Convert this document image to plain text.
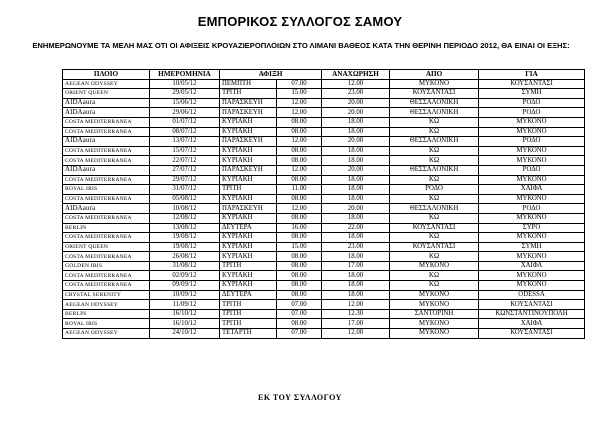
ΕΜΠΟΡΙΚΟΣ ΣΥΛΛΟΓΟΣ ΣΑΜΟΥ
ΕΝΗΜΕΡΩΝΟΥΜΕ ΤΑ ΜΕΛΗ ΜΑΣ ΟΤΙ ΟΙ ΑΦΙΞΕΙΣ ΚΡΟΥΑΖΙΕΡΟΠΛΟΙΩΝ ΣΤΟ ΛΙΜΑΝΙ ΒΑΘΕΟΣ ΚΑΤΑ ΤΗΝ ΘΕΡΙΝΗ ΠΕΡΙΟΔΟ 2012, ΘΑ ΕΙΝΑΙ ΟΙ ΕΞΗΣ:
ΠΛΟΙΟ	ΗΜΕΡΟΜΗΝΙΑ	ΑΦΙΞΗ		ΑΝΑΧΩΡΗΣΗ	ΑΠΟ	ΓΙΑ
AEGEAN ODYSSEY	10/05/12	ΠΕΜΠΤΗ	07.00	12.00	ΜΥΚΟΝΟ	ΚΟΥΣΑΝΤΑΣΙ
ORIENT QUEEN	29/05/12	ΤΡΙΤΗ	15.00	23.00	ΚΟΥΣΑΝΤΑΣΙ	ΣΥΜΗ
AIDAaura	15/06/12	ΠΑΡΑΣΚΕΥΗ	12.00	20.00	ΘΕΣΣΑΛΟΝΙΚΗ	ΡΟΔΟ
AIDAaura	29/06/12	ΠΑΡΑΣΚΕΥΗ	12.00	20.00	ΘΕΣΣΑΛΟΝΙΚΗ	ΡΟΔΟ
COSTA MEDITERRANEA	01/07/12	ΚΥΡΙΑΚΗ	08.00	18.00	ΚΩ	ΜΥΚΟΝΟ
COSTA MEDITERRANEA	08/07/12	ΚΥΡΙΑΚΗ	08.00	18.00	ΚΩ	ΜΥΚΟΝΟ
AIDAaura	13/07/12	ΠΑΡΑΣΚΕΥΗ	12.00	20.00	ΘΕΣΣΑΛΟΝΙΚΗ	ΡΟΔΟ
COSTA MEDITERRANEA	15/07/12	ΚΥΡΙΑΚΗ	08.00	18.00	ΚΩ	ΜΥΚΟΝΟ
COSTA MEDITERRANEA	22/07/12	ΚΥΡΙΑΚΗ	08.00	18.00	ΚΩ	ΜΥΚΟΝΟ
AIDAaura	27/07/12	ΠΑΡΑΣΚΕΥΗ	12.00	20.00	ΘΕΣΣΑΛΟΝΙΚΗ	ΡΟΔΟ
COSTA MEDITERRANEA	29/07/12	ΚΥΡΙΑΚΗ	08.00	18.00	ΚΩ	ΜΥΚΟΝΟ
ROYAL IRIS	31/07/12	ΤΡΙΤΗ	11.00	18.00	ΡΟΔΟ	ΧΑΙΦΑ
COSTA MEDITERRANEA	05/08/12	ΚΥΡΙΑΚΗ	08.00	18.00	ΚΩ	ΜΥΚΟΝΟ
AIDAaura	10/08/12	ΠΑΡΑΣΚΕΥΗ	12.00	20.00	ΘΕΣΣΑΛΟΝΙΚΗ	ΡΟΔΟ
COSTA MEDITERRANEA	12/08/12	ΚΥΡΙΑΚΗ	08.00	18.00	ΚΩ	ΜΥΚΟΝΟ
BERLIN	13/08/12	ΔΕΥΤΕΡΑ	16.00	22.00	ΚΟΥΣΑΝΤΑΣΙ	ΣΥΡΟ
COSTA MEDITERRANEA	19/08/12	ΚΥΡΙΑΚΗ	08.00	18.00	ΚΩ	ΜΥΚΟΝΟ
ORIENT QUEEN	19/08/12	ΚΥΡΙΑΚΗ	15.00	23.00	ΚΟΥΣΑΝΤΑΣΙ	ΣΥΜΗ
COSTA MEDITERRANEA	26/08/12	ΚΥΡΙΑΚΗ	08.00	18.00	ΚΩ	ΜΥΚΟΝΟ
GOLDEN IRIS	31/08/12	ΤΡΙΤΗ	08.00	17.00	ΜΥΚΟΝΟ	ΧΑΙΦΑ
COSTA MEDITERRANEA	02/09/12	ΚΥΡΙΑΚΗ	08.00	18.00	ΚΩ	ΜΥΚΟΝΟ
COSTA MEDITERRANEA	09/09/12	ΚΥΡΙΑΚΗ	08.00	18.00	ΚΩ	ΜΥΚΟΝΟ
CRYSTAL SERENITY	10/09/12	ΔΕΥΤΕΡΑ	08.00	18.00	ΜΥΚΟΝΟ	ODESSA
AEGEAN ODYSSEY	11/09/12	ΤΡΙΤΗ	07.00	12.00	ΜΥΚΟΝΟ	ΚΟΥΣΑΝΤΑΣΙ
BERLIN	16/10/12	ΤΡΙΤΗ	07.00	12.30	ΣΑΝΤΟΡΙΝΗ	ΚΩΝΣΤΑΝΤΙΝΟΥΠΟΛΗ
ROYAL IRIS	16/10/12	ΤΡΙΤΗ	08.00	17.00	ΜΥΚΟΝΟ	ΧΑΙΦΑ
AEGEAN ODYSSEY	24/10/12	ΤΕΤΑΡΤΗ	07.00	12.00	ΜΥΚΟΝΟ	ΚΟΥΣΑΝΤΑΣΙ
ΕΚ ΤΟΥ ΣΥΛΛΟΓΟΥ
